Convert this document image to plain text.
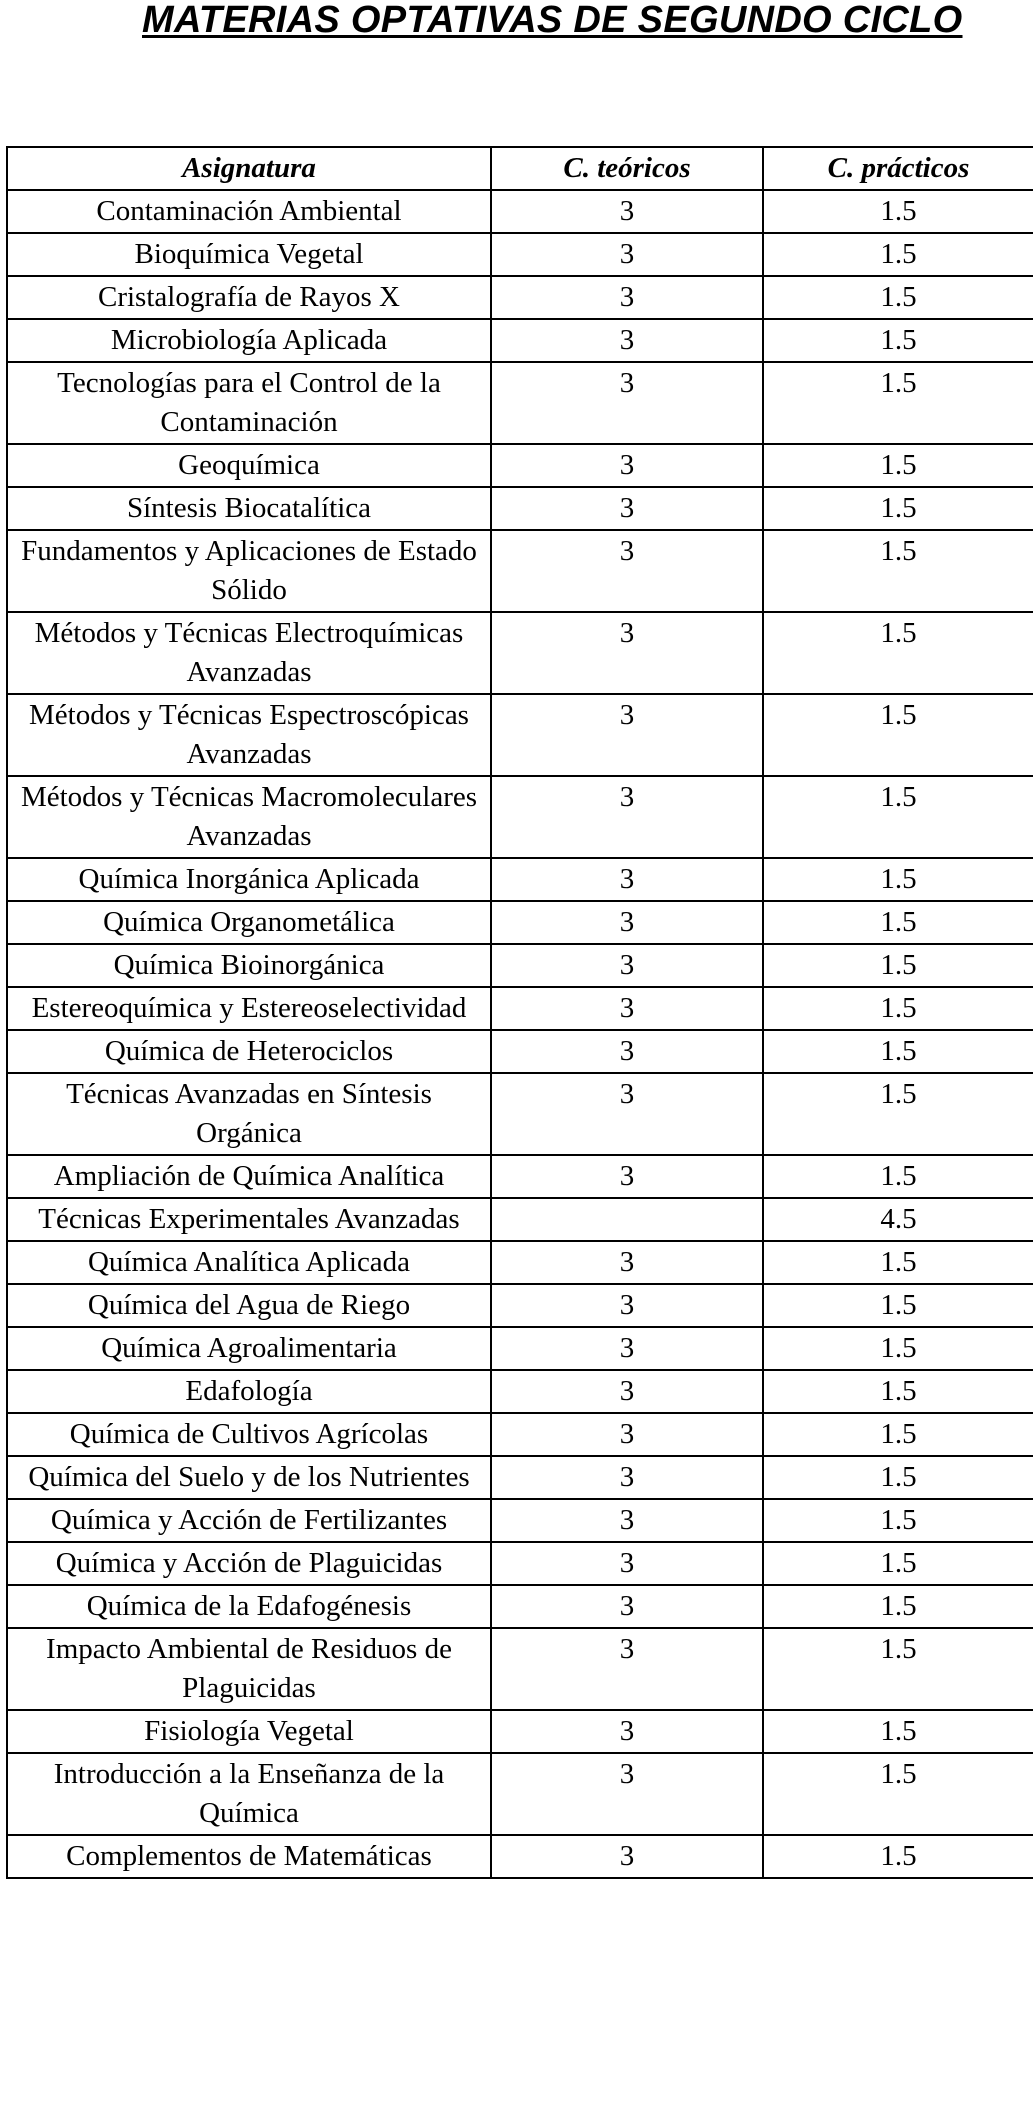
MATERIAS OPTATIVAS DE SEGUNDO CICLO
Asignatura	C. teóricos	C. prácticos
Contaminación Ambiental	3	1.5
Bioquímica Vegetal	3	1.5
Cristalografía de Rayos X	3	1.5
Microbiología Aplicada	3	1.5
Tecnologías para el Control de la Contaminación	3	1.5
Geoquímica	3	1.5
Síntesis Biocatalítica	3	1.5
Fundamentos y Aplicaciones de Estado Sólido	3	1.5
Métodos y Técnicas Electroquímicas Avanzadas	3	1.5
Métodos y Técnicas Espectroscópicas Avanzadas	3	1.5
Métodos y Técnicas Macromoleculares Avanzadas	3	1.5
Química Inorgánica Aplicada	3	1.5
Química Organometálica	3	1.5
Química Bioinorgánica	3	1.5
Estereoquímica y Estereoselectividad	3	1.5
Química de Heterociclos	3	1.5
Técnicas Avanzadas en Síntesis Orgánica	3	1.5
Ampliación de Química Analítica	3	1.5
Técnicas Experimentales Avanzadas		4.5
Química Analítica Aplicada	3	1.5
Química del Agua de Riego	3	1.5
Química Agroalimentaria	3	1.5
Edafología	3	1.5
Química de Cultivos Agrícolas	3	1.5
Química del Suelo y de los Nutrientes	3	1.5
Química y Acción de Fertilizantes	3	1.5
Química y Acción de Plaguicidas	3	1.5
Química de la Edafogénesis	3	1.5
Impacto Ambiental de Residuos de Plaguicidas	3	1.5
Fisiología Vegetal	3	1.5
Introducción a la Enseñanza de la Química	3	1.5
Complementos de Matemáticas	3	1.5
